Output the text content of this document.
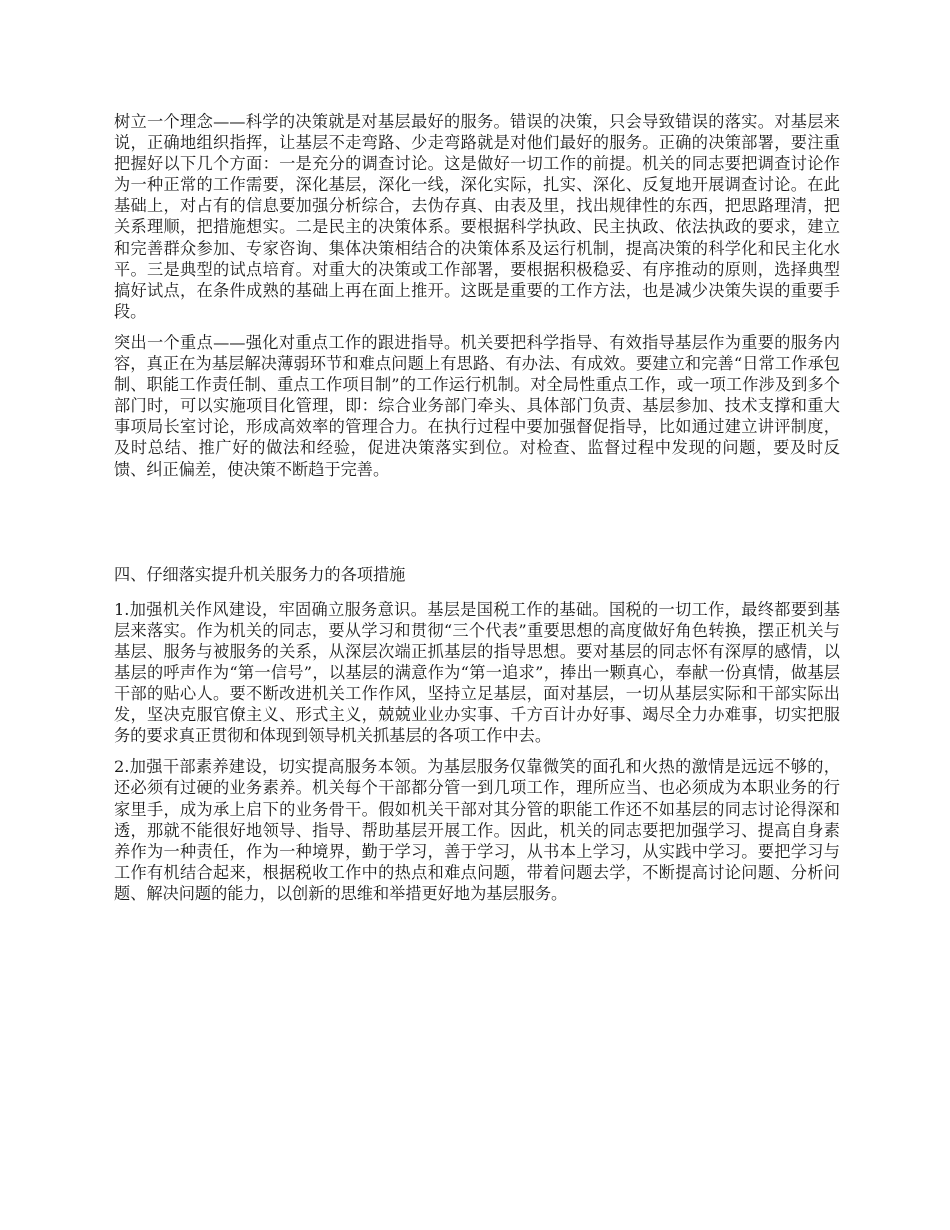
树立一个理念——科学的决策就是对基层最好的服务。错误的决策，只会导致错误的落实。对基层来说，正确地组织指挥，让基层不走弯路、少走弯路就是对他们最好的服务。正确的决策部署，要注重把握好以下几个方面：一是充分的调查讨论。这是做好一切工作的前提。机关的同志要把调查讨论作为一种正常的工作需要，深化基层，深化一线，深化实际，扎实、深化、反复地开展调查讨论。在此基础上，对占有的信息要加强分析综合，去伪存真、由表及里，找出规律性的东西，把思路理清，把关系理顺，把措施想实。二是民主的决策体系。要根据科学执政、民主执政、依法执政的要求，建立和完善群众参加、专家咨询、集体决策相结合的决策体系及运行机制，提高决策的科学化和民主化水平。三是典型的试点培育。对重大的决策或工作部署，要根据积极稳妥、有序推动的原则，选择典型搞好试点，在条件成熟的基础上再在面上推开。这既是重要的工作方法，也是减少决策失误的重要手段。

突出一个重点——强化对重点工作的跟进指导。机关要把科学指导、有效指导基层作为重要的服务内容，真正在为基层解决薄弱环节和难点问题上有思路、有办法、有成效。要建立和完善“日常工作承包制、职能工作责任制、重点工作项目制”的工作运行机制。对全局性重点工作，或一项工作涉及到多个部门时，可以实施项目化管理，即：综合业务部门牵头、具体部门负责、基层参加、技术支撑和重大事项局长室讨论，形成高效率的管理合力。在执行过程中要加强督促指导，比如通过建立讲评制度，及时总结、推广好的做法和经验，促进决策落实到位。对检查、监督过程中发现的问题，要及时反馈、纠正偏差，使决策不断趋于完善。

四、仔细落实提升机关服务力的各项措施

1.加强机关作风建设，牢固确立服务意识。基层是国税工作的基础。国税的一切工作，最终都要到基层来落实。作为机关的同志，要从学习和贯彻“三个代表”重要思想的高度做好角色转换，摆正机关与基层、服务与被服务的关系，从深层次端正抓基层的指导思想。要对基层的同志怀有深厚的感情，以基层的呼声作为“第一信号”，以基层的满意作为“第一追求”，捧出一颗真心，奉献一份真情，做基层干部的贴心人。要不断改进机关工作作风，坚持立足基层，面对基层，一切从基层实际和干部实际出发，坚决克服官僚主义、形式主义，兢兢业业办实事、千方百计办好事、竭尽全力办难事，切实把服务的要求真正贯彻和体现到领导机关抓基层的各项工作中去。

2.加强干部素养建设，切实提高服务本领。为基层服务仅靠微笑的面孔和火热的激情是远远不够的，还必须有过硬的业务素养。机关每个干部都分管一到几项工作，理所应当、也必须成为本职业务的行家里手，成为承上启下的业务骨干。假如机关干部对其分管的职能工作还不如基层的同志讨论得深和透，那就不能很好地领导、指导、帮助基层开展工作。因此，机关的同志要把加强学习、提高自身素养作为一种责任，作为一种境界，勤于学习，善于学习，从书本上学习，从实践中学习。要把学习与工作有机结合起来，根据税收工作中的热点和难点问题，带着问题去学，不断提高讨论问题、分析问题、解决问题的能力，以创新的思维和举措更好地为基层服务。
